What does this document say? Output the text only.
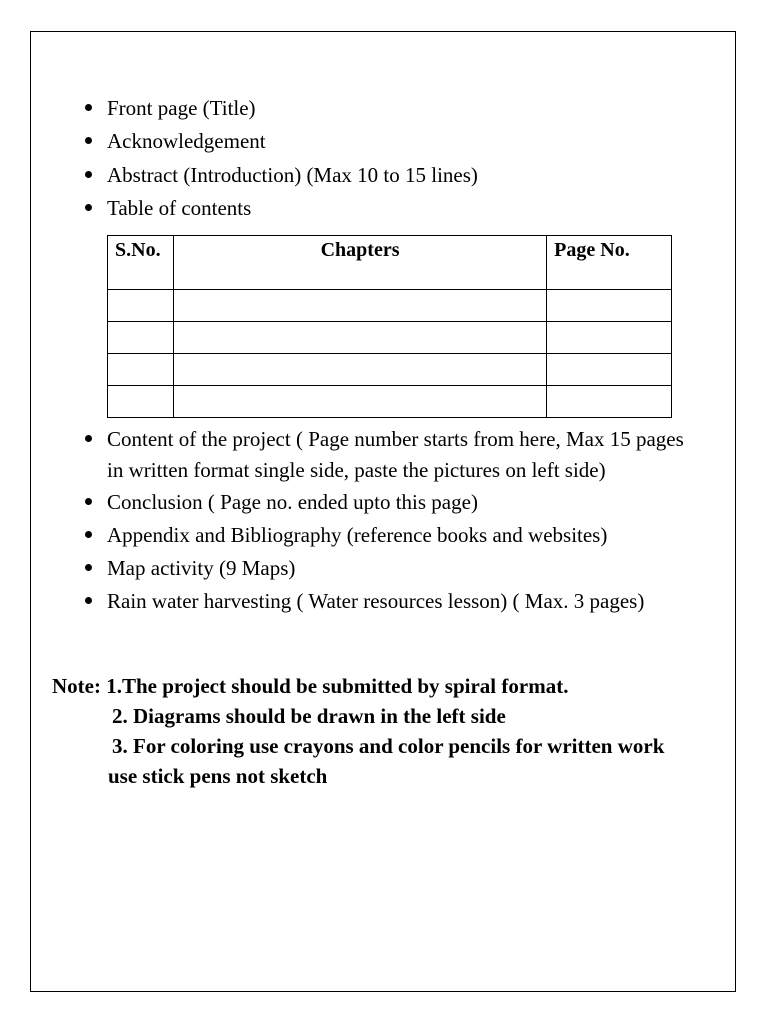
Front page (Title)
Acknowledgement
Abstract (Introduction) (Max 10 to 15 lines)
Table of contents
S.No.	Chapters	Page No.

Content of the project ( Page number starts from here, Max 15 pages
in written format single side, paste the pictures on left side)
Conclusion ( Page no. ended upto this page)
Appendix and Bibliography (reference books and websites)
Map activity (9 Maps)
Rain water harvesting ( Water resources lesson) ( Max. 3 pages)
Note: 1.The project should be submitted by spiral format.
2. Diagrams should be drawn in the left side
3. For coloring use crayons and color pencils for written work
use stick pens not sketch
